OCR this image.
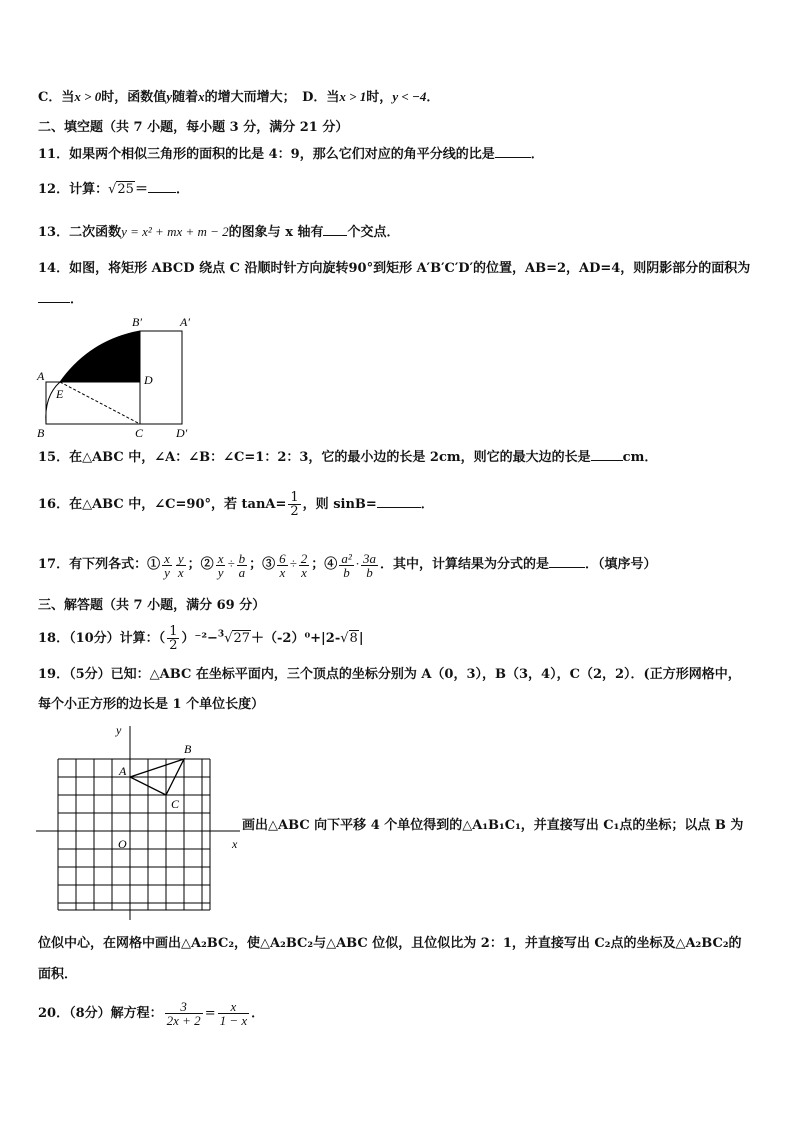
C．当x > 0时，函数值y随着x的增大而增大；　D．当x > 1时，y < −4．
二、填空题（共 7 小题，每小题 3 分，满分 21 分）
11．如果两个相似三角形的面积的比是 4：9，那么它们对应的角平分线的比是	．
12．计算：√25＝ ．
13．二次函数y = x² + mx + m − 2的图象与 x 轴有 个交点．
14．如图，将矩形 ABCD 绕点 C 沿顺时针方向旋转90°到矩形 A′B′C′D′的位置，AB=2，AD=4，则阴影部分的面积为
．
B′	A′
A	D
E
B	C	D′
15．在△ABC 中，∠A：∠B：∠C=1：2：3，它的最小边的长是 2cm，则它的最大边的长是 cm．
16．在△ABC 中，∠C=90°，若 $\tan A= \frac{1}{2}$ ，则 sinB=	．
17．有下列各式：① $\frac{x}{y} \frac{y}{x}$ ；② $\frac{x}{y} \div \frac{b}{a}$ ；③ $\frac{6}{x} \div \frac{2}{x}$ ；④ $\frac{\text{a²}}{b} \cdot \frac{3a}{b}$ ．其中，计算结果为分式的是	．（填序号）
三、解答题（共 7 小题，满分 69 分）
18．（10分）计算：（ $\frac{1}{2} )^{-2}-^3√27+(-2)^0+|2-√8|$
19．（5分）已知：△ABC 在坐标平面内，三个顶点的坐标分别为 A（0，3），B（3，4），C（2，2）．(正方形网格中，
每个小正方形的边长是 1 个单位长度）
y
x
O
A
B
C
画出△ABC 向下平移 4 个单位得到的△A₁B₁C₁，并直接写出 C₁点的坐标；以点 B 为
位似中心，在网格中画出△A₂BC₂，使△A₂BC₂与△ABC 位似，且位似比为 2：1，并直接写出 C₂点的坐标及△A₂BC₂的
面积．
20．（8分）解方程： $\frac{3}{2x + 2} = \frac{x}{1 - x}$ ．
